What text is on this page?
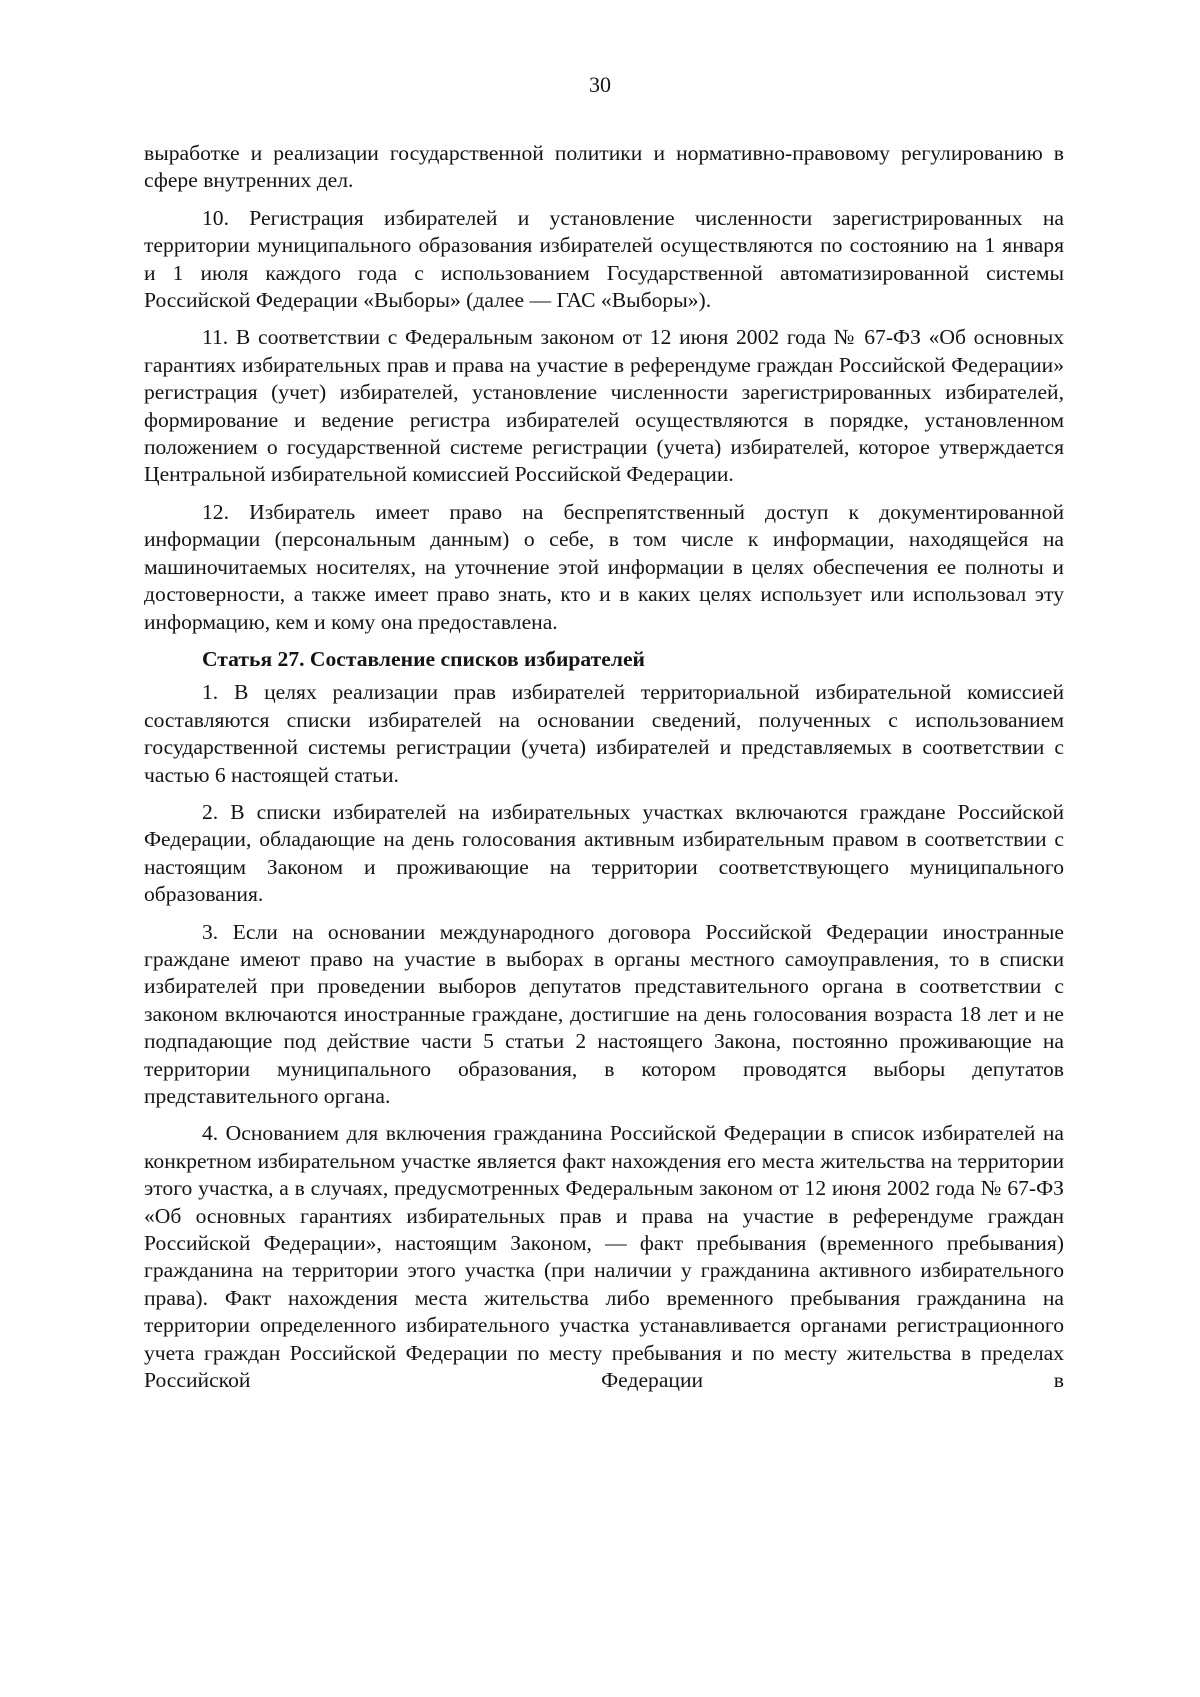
30

выработке и реализации государственной политики и нормативно-правовому регулированию в сфере внутренних дел.

10. Регистрация избирателей и установление численности зарегистрированных на территории муниципального образования избирателей осуществляются по состоянию на 1 января и 1 июля каждого года с использованием Государственной автоматизированной системы Российской Федерации «Выборы» (далее — ГАС «Выборы»).

11. В соответствии с Федеральным законом от 12 июня 2002 года № 67-ФЗ «Об основных гарантиях избирательных прав и права на участие в референдуме граждан Российской Федерации» регистрация (учет) избирателей, установление численности зарегистрированных избирателей, формирование и ведение регистра избирателей осуществляются в порядке, установленном положением о государственной системе регистрации (учета) избирателей, которое утверждается Центральной избирательной комиссией Российской Федерации.

12. Избиратель имеет право на беспрепятственный доступ к документированной информации (персональным данным) о себе, в том числе к информации, находящейся на машиночитаемых носителях, на уточнение этой информации в целях обеспечения ее полноты и достоверности, а также имеет право знать, кто и в каких целях использует или использовал эту информацию, кем и кому она предоставлена.

Статья 27. Составление списков избирателей

1. В целях реализации прав избирателей территориальной избирательной комиссией составляются списки избирателей на основании сведений, полученных с использованием государственной системы регистрации (учета) избирателей и представляемых в соответствии с частью 6 настоящей статьи.

2. В списки избирателей на избирательных участках включаются граждане Российской Федерации, обладающие на день голосования активным избирательным правом в соответствии с настоящим Законом и проживающие на территории соответствующего муниципального образования.

3. Если на основании международного договора Российской Федерации иностранные граждане имеют право на участие в выборах в органы местного самоуправления, то в списки избирателей при проведении выборов депутатов представительного органа в соответствии с законом включаются иностранные граждане, достигшие на день голосования возраста 18 лет и не подпадающие под действие части 5 статьи 2 настоящего Закона, постоянно проживающие на территории муниципального образования, в котором проводятся выборы депутатов представительного органа.

4. Основанием для включения гражданина Российской Федерации в список избирателей на конкретном избирательном участке является факт нахождения его места жительства на территории этого участка, а в случаях, предусмотренных Федеральным законом от 12 июня 2002 года № 67-ФЗ «Об основных гарантиях избирательных прав и права на участие в референдуме граждан Российской Федерации», настоящим Законом, — факт пребывания (временного пребывания) гражданина на территории этого участка (при наличии у гражданина активного избирательного права). Факт нахождения места жительства либо временного пребывания гражданина на территории определенного избирательного участка устанавливается органами регистрационного учета граждан Российской Федерации по месту пребывания и по месту жительства в пределах Российской Федерации в
